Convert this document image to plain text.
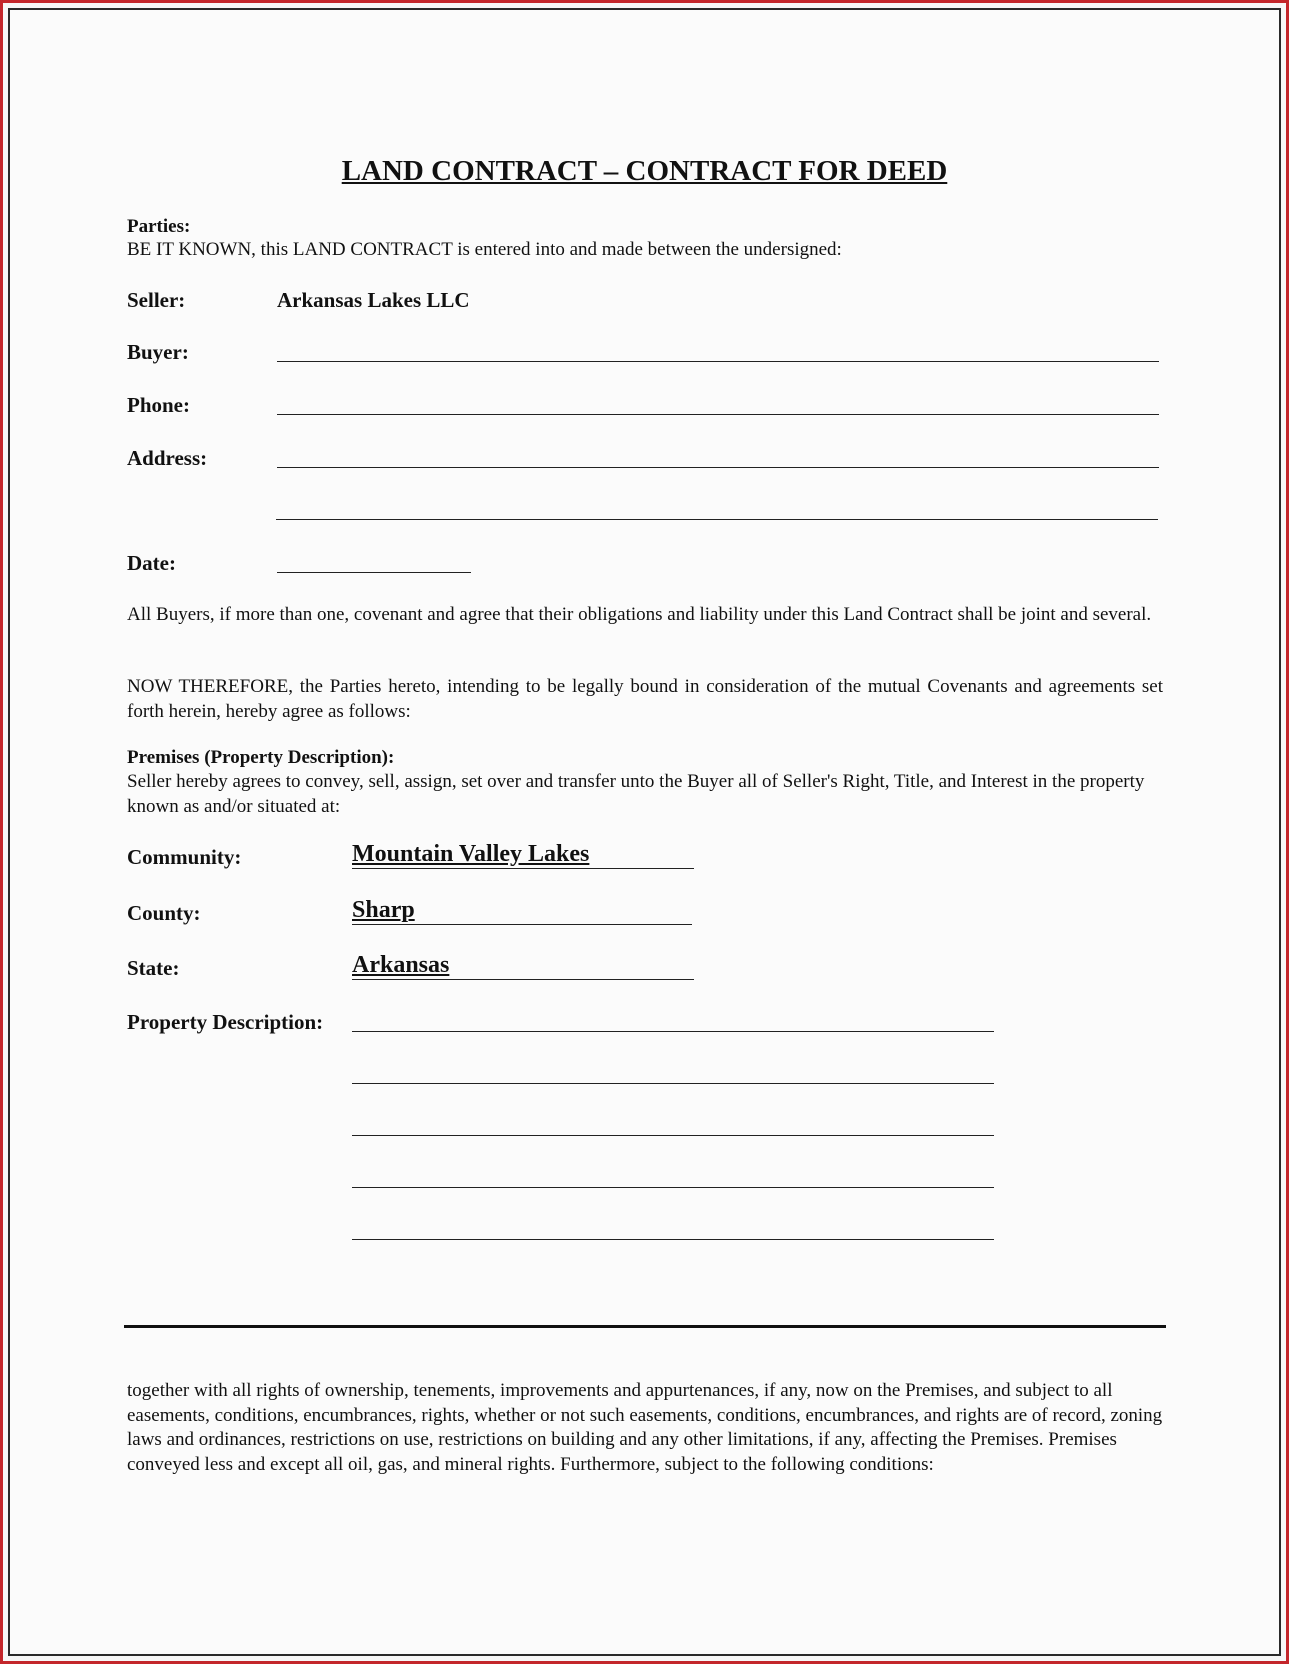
LAND CONTRACT – CONTRACT FOR DEED
Parties:
BE IT KNOWN, this LAND CONTRACT is entered into and made between the undersigned:
Seller:	Arkansas Lakes LLC
Buyer:
Phone:
Address:
Date:
All Buyers, if more than one, covenant and agree that their obligations and liability under this Land Contract shall be joint and several.
NOW THEREFORE, the Parties hereto, intending to be legally bound in consideration of the mutual Covenants and agreements set forth herein, hereby agree as follows:
Premises (Property Description):
Seller hereby agrees to convey, sell, assign, set over and transfer unto the Buyer all of Seller's Right, Title, and Interest in the property known as and/or situated at:
Community:	Mountain Valley Lakes
County:	Sharp
State:	Arkansas
Property Description:
together with all rights of ownership, tenements, improvements and appurtenances, if any, now on the Premises, and subject to all easements, conditions, encumbrances, rights, whether or not such easements, conditions, encumbrances, and rights are of record, zoning laws and ordinances, restrictions on use, restrictions on building and any other limitations, if any, affecting the Premises. Premises conveyed less and except all oil, gas, and mineral rights. Furthermore, subject to the following conditions:
